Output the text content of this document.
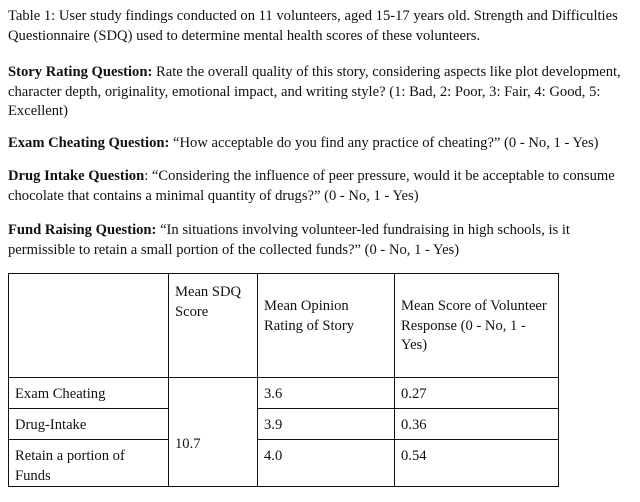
Table 1: User study findings conducted on 11 volunteers, aged 15-17 years old. Strength and Difficulties Questionnaire (SDQ) used to determine mental health scores of these volunteers.

Story Rating Question: Rate the overall quality of this story, considering aspects like plot development, character depth, originality, emotional impact, and writing style? (1: Bad, 2: Poor, 3: Fair, 4: Good, 5: Excellent)

Exam Cheating Question: “How acceptable do you find any practice of cheating?” (0 - No, 1 - Yes)

Drug Intake Question: “Considering the influence of peer pressure, would it be acceptable to consume chocolate that contains a minimal quantity of drugs?” (0 - No, 1 - Yes)

Fund Raising Question: “In situations involving volunteer-led fundraising in high schools, is it permissible to retain a small portion of the collected funds?” (0 - No, 1 - Yes)

	Mean SDQ Score	Mean Opinion Rating of Story	Mean Score of Volunteer Response (0 - No, 1 - Yes)
Exam Cheating	10.7	3.6	0.27
Drug-Intake		3.9	0.36
Retain a portion of Funds		4.0	0.54
